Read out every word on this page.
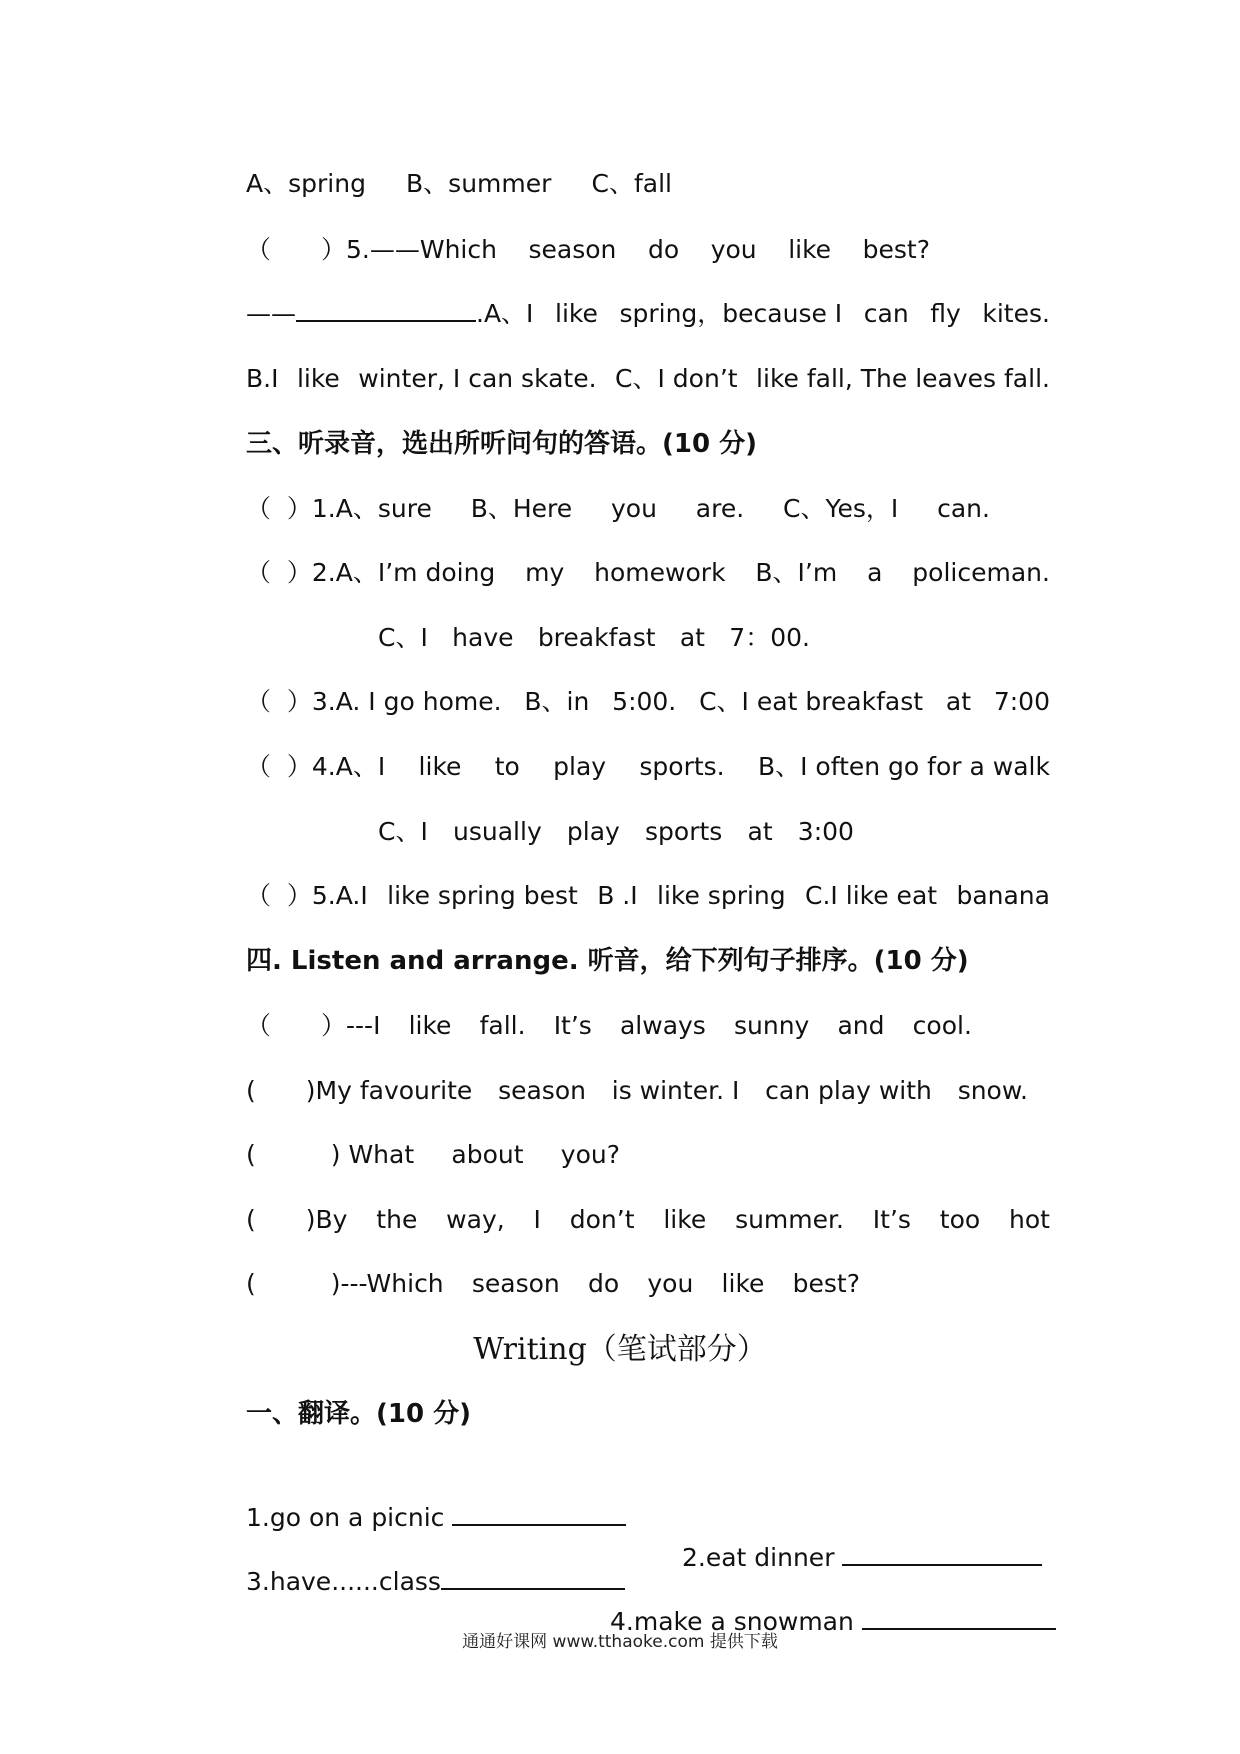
A、spring B、summer C、fall
（　　）5.——Which season do you like best?
——	.A、I like spring，because I can fly kites.
B.I like winter, I can skate. C、I don’t like fall, The leaves fall.
三、听录音，选出所听问句的答语。(10 分)
（  ）1.A、sure B、Here you are. C、Yes，I can.
（  ）2.A、I’m doing my homework B、I’m a policeman.
C、I have breakfast at 7：00.
（  ）3.A. I go home. B、in 5:00. C、I eat breakfast at 7:00
（  ）4.A、I like to play sports. B、I often go for a walk
C、I usually play sports at 3:00
（  ）5.A.I like spring best B .I like spring C.I like eat banana
四. Listen and arrange. 听音，给下列句子排序。(10 分)
（　　）---I like fall. It’s always sunny and cool.
(　　)My favourite season is winter. I can play with snow.
(　　　) What about you?
(　　)By the way, I don’t like summer. It’s too hot
(　　　)---Which season do you like best?
Writing（笔试部分）
一、翻译。(10 分)

1.go on a picnic

2.eat dinner

3.have......class

4.make a snowman

通通好课网 www.tthaoke.com 提供下载
